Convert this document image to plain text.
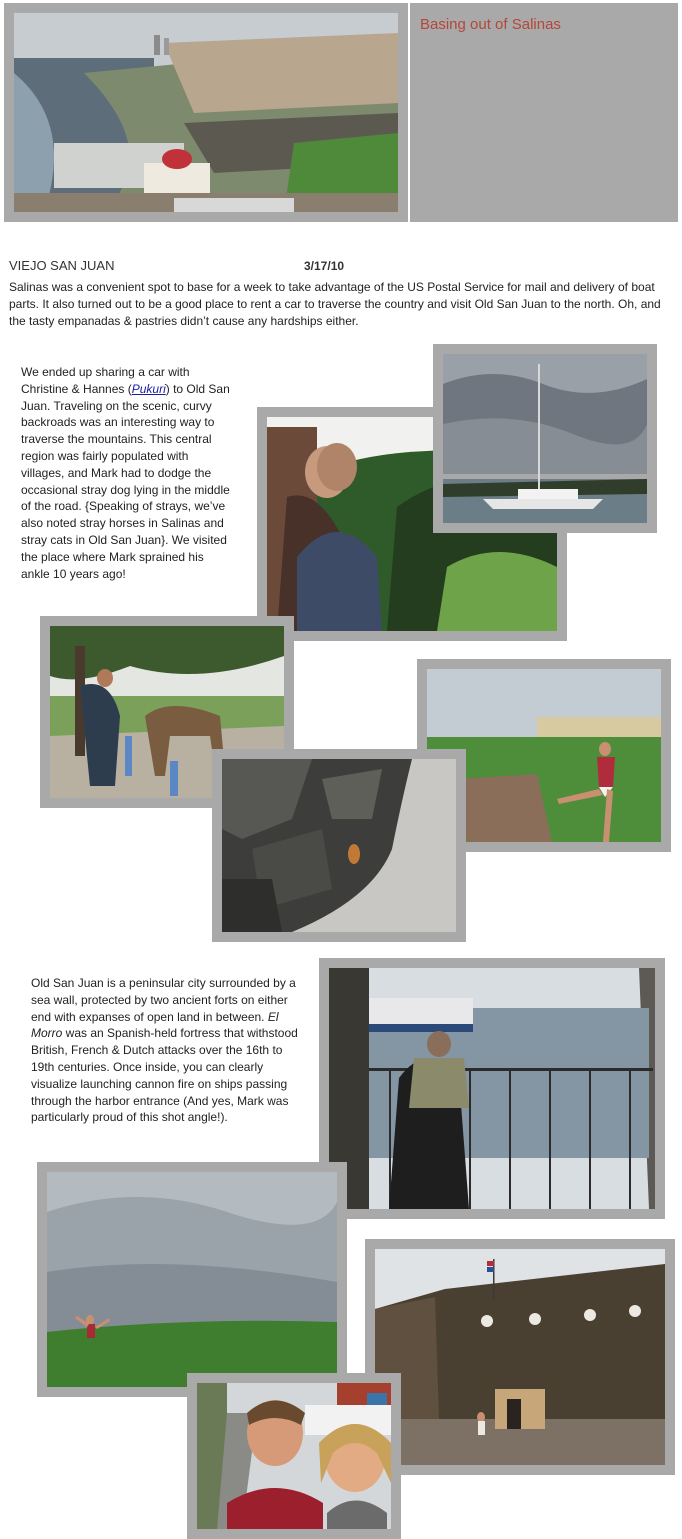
Basing out of Salinas
VIEJO SAN JUAN	3/17/10
Salinas was a convenient spot to base for a week to take advantage of the US Postal Service for mail and delivery of boat parts. It also turned out to be a good place to rent a car to traverse the country and visit Old San Juan to the north. Oh, and the tasty empanadas & pastries didn’t cause any hardships either.
We ended up sharing a car with Christine & Hannes (Pukuri) to Old San Juan. Traveling on the scenic, curvy backroads was an interesting way to traverse the mountains. This central region was fairly populated with villages, and Mark had to dodge the occasional stray dog lying in the middle of the road. {Speaking of strays, we’ve also noted stray horses in Salinas and stray cats in Old San Juan}. We visited the place where Mark sprained his ankle 10 years ago!
Old San Juan is a peninsular city surrounded by a sea wall, protected by two ancient forts on either end with expanses of open land in between. El Morro was an Spanish-held fortress that withstood British, French & Dutch attacks over the 16th to 19th centuries. Once inside, you can clearly visualize launching cannon fire on ships passing through the harbor entrance (And yes, Mark was particularly proud of this shot angle!).
